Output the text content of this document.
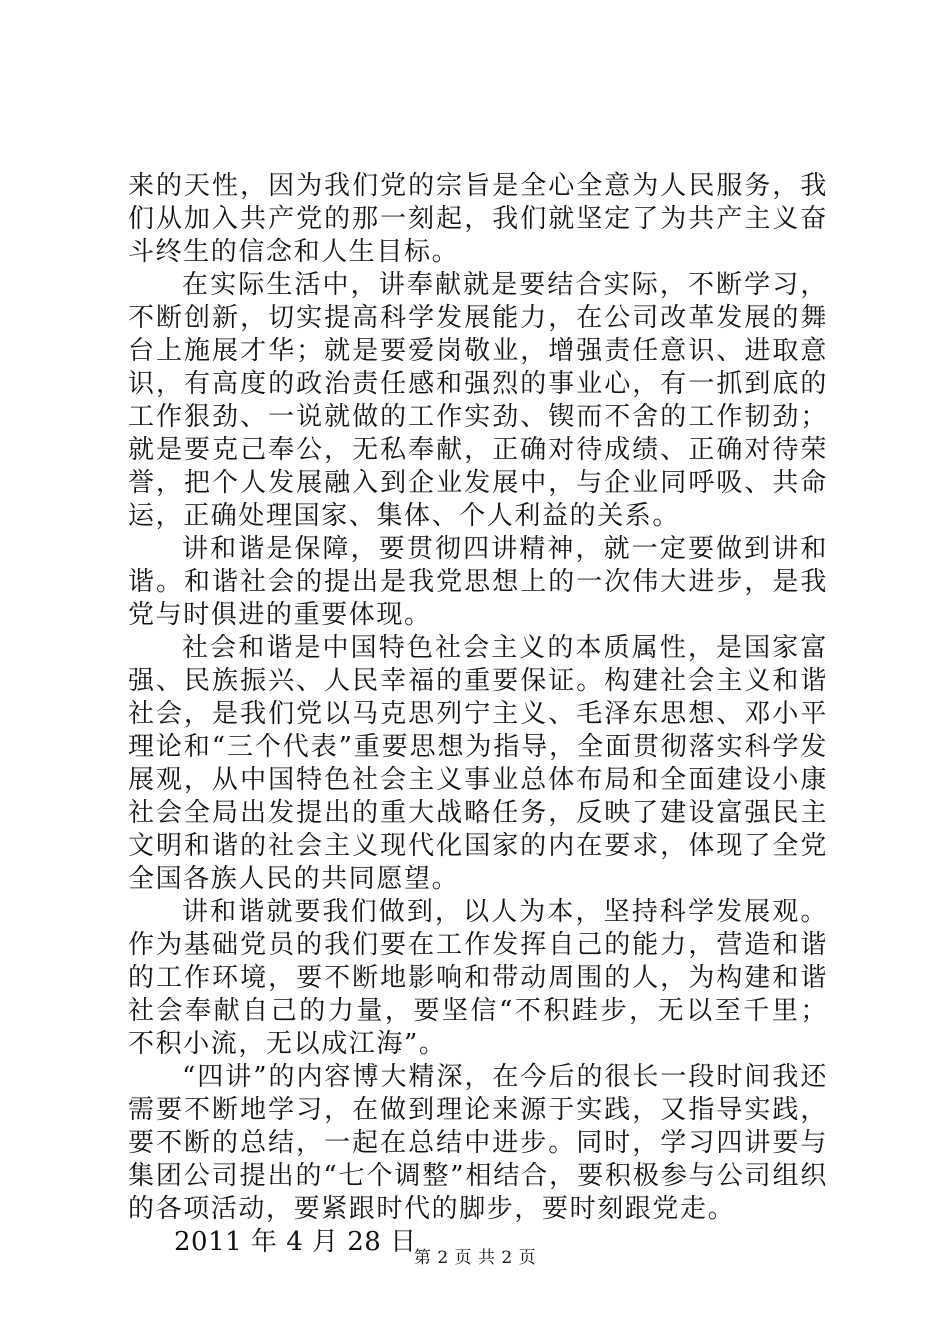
来的天性，因为我们党的宗旨是全心全意为人民服务，我们从加入共产党的那一刻起，我们就坚定了为共产主义奋斗终生的信念和人生目标。

在实际生活中，讲奉献就是要结合实际，不断学习，不断创新，切实提高科学发展能力，在公司改革发展的舞台上施展才华；就是要爱岗敬业，增强责任意识、进取意识，有高度的政治责任感和强烈的事业心，有一抓到底的工作狠劲、一说就做的工作实劲、锲而不舍的工作韧劲；就是要克己奉公，无私奉献，正确对待成绩、正确对待荣誉，把个人发展融入到企业发展中，与企业同呼吸、共命运，正确处理国家、集体、个人利益的关系。

讲和谐是保障，要贯彻四讲精神，就一定要做到讲和谐。和谐社会的提出是我党思想上的一次伟大进步，是我党与时俱进的重要体现。

社会和谐是中国特色社会主义的本质属性，是国家富强、民族振兴、人民幸福的重要保证。构建社会主义和谐社会，是我们党以马克思列宁主义、毛泽东思想、邓小平理论和“三个代表”重要思想为指导，全面贯彻落实科学发展观，从中国特色社会主义事业总体布局和全面建设小康社会全局出发提出的重大战略任务，反映了建设富强民主文明和谐的社会主义现代化国家的内在要求，体现了全党全国各族人民的共同愿望。

讲和谐就要我们做到，以人为本，坚持科学发展观。作为基础党员的我们要在工作发挥自己的能力，营造和谐的工作环境，要不断地影响和带动周围的人，为构建和谐社会奉献自己的力量，要坚信“不积跬步，无以至千里；不积小流，无以成江海”。

“四讲”的内容博大精深，在今后的很长一段时间我还需要不断地学习，在做到理论来源于实践，又指导实践，要不断的总结，一起在总结中进步。同时，学习四讲要与集团公司提出的“七个调整”相结合，要积极参与公司组织的各项活动，要紧跟时代的脚步，要时刻跟党走。

2011 年 4 月 28 日

第 2 页 共 2 页
